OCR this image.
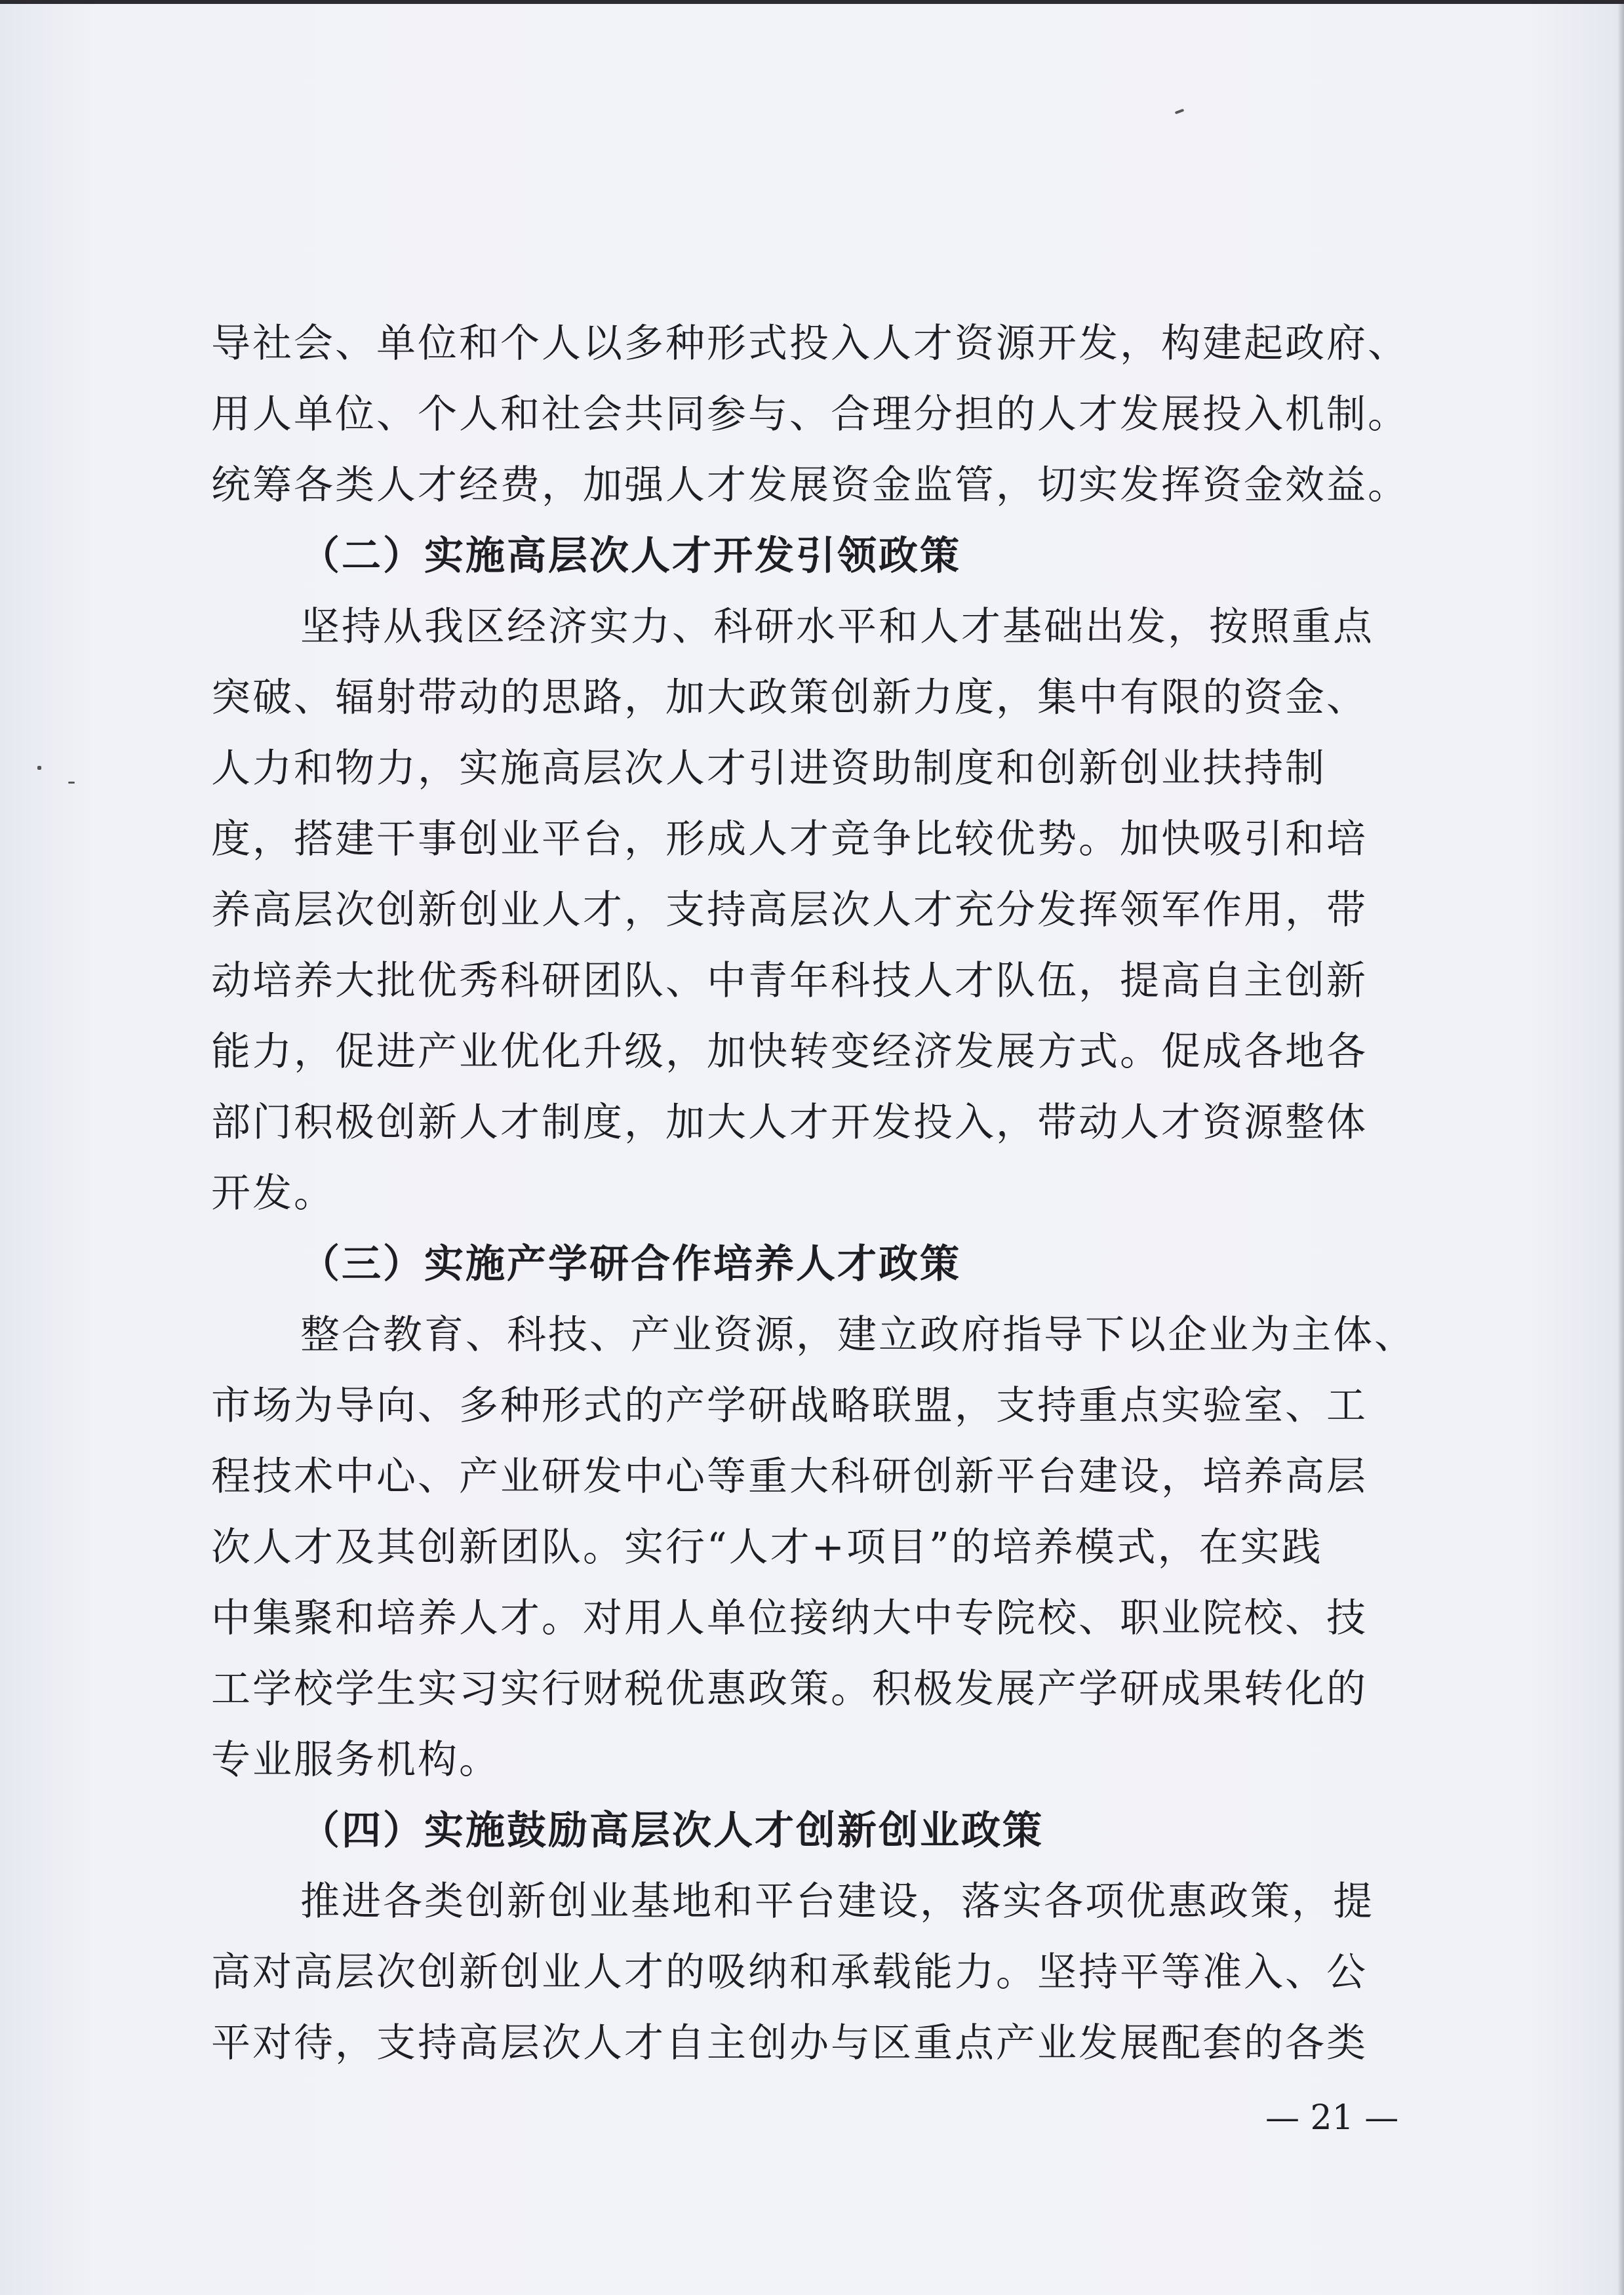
导社会、单位和个人以多种形式投入人才资源开发，构建起政府、
用人单位、个人和社会共同参与、合理分担的人才发展投入机制。
统筹各类人才经费，加强人才发展资金监管，切实发挥资金效益。
（二）实施高层次人才开发引领政策
坚持从我区经济实力、科研水平和人才基础出发，按照重点
突破、辐射带动的思路，加大政策创新力度，集中有限的资金、
人力和物力，实施高层次人才引进资助制度和创新创业扶持制
度，搭建干事创业平台，形成人才竞争比较优势。加快吸引和培
养高层次创新创业人才，支持高层次人才充分发挥领军作用，带
动培养大批优秀科研团队、中青年科技人才队伍，提高自主创新
能力，促进产业优化升级，加快转变经济发展方式。促成各地各
部门积极创新人才制度，加大人才开发投入，带动人才资源整体
开发。
（三）实施产学研合作培养人才政策
整合教育、科技、产业资源，建立政府指导下以企业为主体、
市场为导向、多种形式的产学研战略联盟，支持重点实验室、工
程技术中心、产业研发中心等重大科研创新平台建设，培养高层
次人才及其创新团队。实行“人才+项目”的培养模式，在实践
中集聚和培养人才。对用人单位接纳大中专院校、职业院校、技
工学校学生实习实行财税优惠政策。积极发展产学研成果转化的
专业服务机构。
（四）实施鼓励高层次人才创新创业政策
推进各类创新创业基地和平台建设，落实各项优惠政策，提
高对高层次创新创业人才的吸纳和承载能力。坚持平等准入、公
平对待，支持高层次人才自主创办与区重点产业发展配套的各类
— 21 —
